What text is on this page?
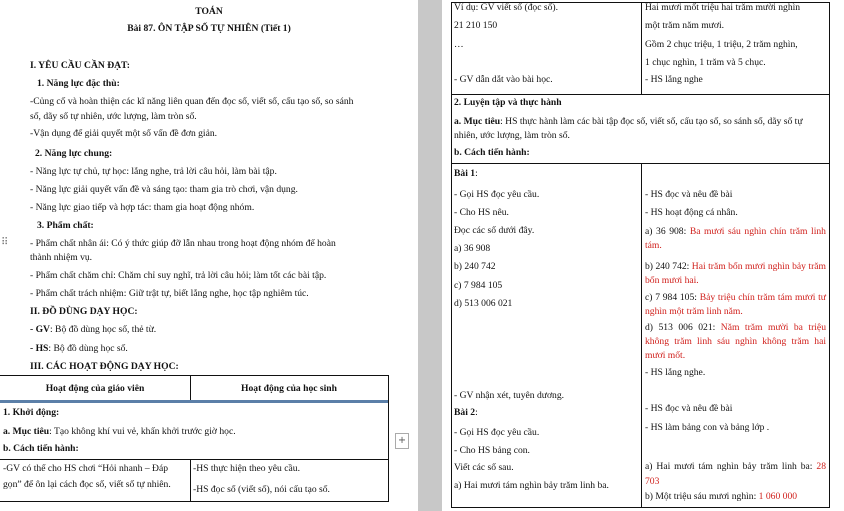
TOÁN
Bài 87. ÔN TẬP SỐ TỰ NHIÊN (Tiết 1)
I. YÊU CẦU CẦN ĐẠT:
1. Năng lực đặc thù:
-Củng cố và hoàn thiện các kĩ năng liên quan đến đọc số, viết số, cấu tạo số, so sánh
số, dãy số tự nhiên, ước lượng, làm tròn số.
-Vận dụng để giải quyết một số vấn đề đơn giản.
2. Năng lực chung:
- Năng lực tự chủ, tự học: lắng nghe, trả lời câu hỏi, làm bài tập.
- Năng lực giải quyết vấn đề và sáng tạo: tham gia trò chơi, vận dụng.
- Năng lực giao tiếp và hợp tác: tham gia hoạt động nhóm.
3. Phẩm chất:
- Phẩm chất nhân ái: Có ý thức giúp đỡ lẫn nhau trong hoạt động nhóm để hoàn
thành nhiệm vụ.
- Phẩm chất chăm chỉ: Chăm chỉ suy nghĩ, trả lời câu hỏi; làm tốt các bài tập.
- Phẩm chất trách nhiệm: Giữ trật tự, biết lắng nghe, học tập nghiêm túc.
II. ĐỒ DÙNG DẠY HỌC:
- GV: Bộ đồ dùng học số, thẻ từ.
- HS: Bộ đồ dùng học số.
III. CÁC HOẠT ĐỘNG DẠY HỌC:
Hoạt động của giáo viên	Hoạt động của học sinh
1. Khởi động:
a. Mục tiêu: Tạo không khí vui vẻ, khấn khởi trước giờ học.
b. Cách tiến hành:
-GV có thể cho HS chơi “Hỏi nhanh – Đáp
gọn” để ôn lại cách đọc số, viết số tự nhiên.
-HS thực hiện theo yêu cầu.
-HS đọc số (viết số), nói cấu tạo số.
⠿
+
Ví dụ: GV viết số (đọc số).
21 210 150
…
- GV dẫn dắt vào bài học.
Hai mươi mốt triệu hai trăm mười nghìn
một trăm năm mươi.
Gồm 2 chục triệu, 1 triệu, 2 trăm nghìn,
1 chục nghìn, 1 trăm và 5 chục.
- HS lắng nghe
2. Luyện tập và thực hành
a. Mục tiêu: HS thực hành làm các bài tập đọc số, viết số, cấu tạo số, so sánh số, dãy số tự
nhiên, ước lượng, làm tròn số.
b. Cách tiến hành:
Bài 1:
- Gọi HS đọc yêu cầu.
- Cho HS nêu.
Đọc các số dưới đây.
a) 36 908
b) 240 742
c) 7 984 105
d) 513 006 021
- GV nhận xét, tuyên dương.
Bài 2:
- Gọi HS đọc yêu cầu.
- Cho HS bảng con.
Viết các số sau.
a) Hai mươi tám nghìn bảy trăm linh ba.
- HS đọc và nêu đề bài
- HS hoạt động cá nhân.
a) 36 908: Ba mươi sáu nghìn chín trăm linh tám.
b) 240 742: Hai trăm bốn mươi nghìn bảy trăm bốn mươi hai.
c) 7 984 105: Bảy triệu chín trăm tám mươi tư nghìn một trăm linh năm.
d) 513 006 021: Năm trăm mười ba triệu không trăm linh sáu nghìn không trăm hai mươi mốt.
- HS lắng nghe.
- HS đọc và nêu đề bài
- HS làm bảng con và bảng lớp .
a) Hai mươi tám nghìn bảy trăm linh ba: 28 703
b) Một triệu sáu mươi nghìn: 1 060 000
